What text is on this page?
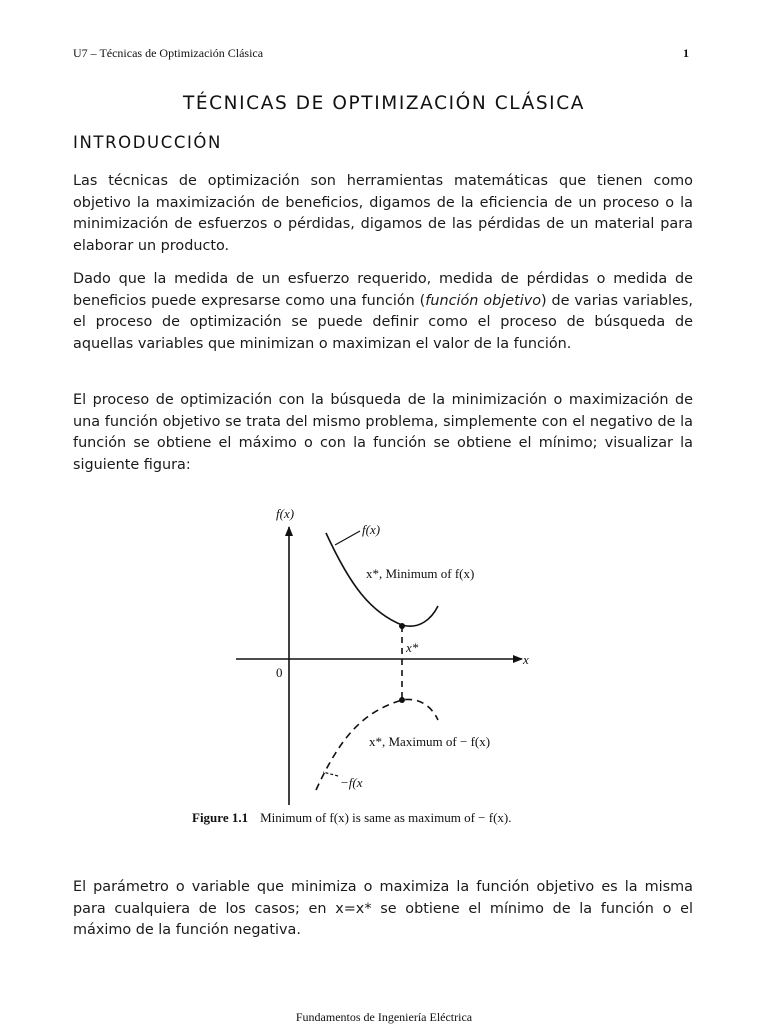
U7 – Técnicas de Optimización Clásica	1
TÉCNICAS DE OPTIMIZACIÓN CLÁSICA
INTRODUCCIÓN
Las técnicas de optimización son herramientas matemáticas que tienen como objetivo la maximización de beneficios, digamos de la eficiencia de un proceso o la minimización de esfuerzos o pérdidas, digamos de las pérdidas de un material para elaborar un producto.
Dado que la medida de un esfuerzo requerido, medida de pérdidas o medida de beneficios puede expresarse como una función (función objetivo) de varias variables, el proceso de optimización se puede definir como el proceso de búsqueda de aquellas variables que minimizan o maximizan el valor de la función.
El proceso de optimización con la búsqueda de la minimización o maximización de una función objetivo se trata del mismo problema, simplemente con el negativo de la función se obtiene el máximo o con la función se obtiene el mínimo; visualizar la siguiente figura:
f(x)
x
0
f(x)
x*, Minimum of f(x)
x*
x*, Maximum of − f(x)
−f(x
Figure 1.1 Minimum of f(x) is same as maximum of − f(x).
El parámetro o variable que minimiza o maximiza la función objetivo es la misma para cualquiera de los casos; en x=x* se obtiene el mínimo de la función o el máximo de la función negativa.
Fundamentos de Ingeniería Eléctrica
